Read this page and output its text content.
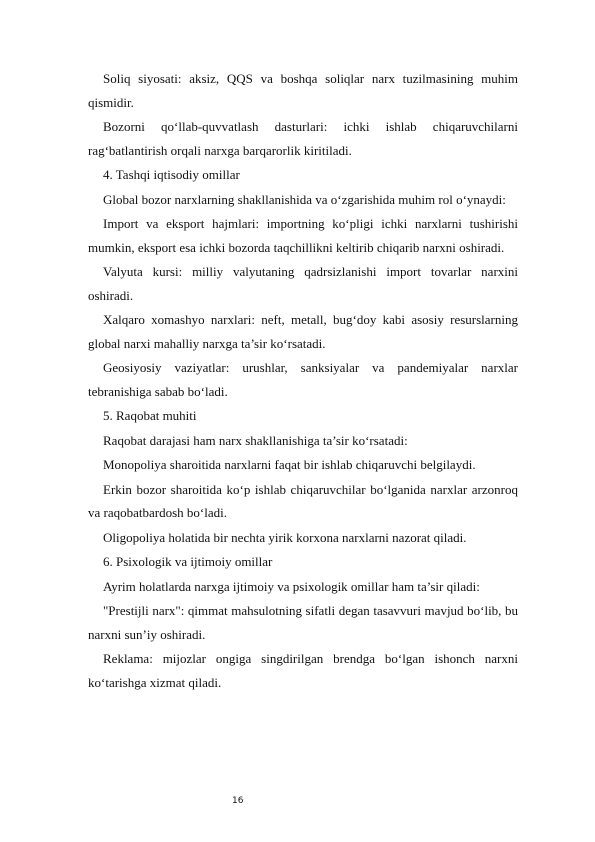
Soliq siyosati: aksiz, QQS va boshqa soliqlar narx tuzilmasining muhim qismidir.

Bozorni qo‘llab-quvvatlash dasturlari: ichki ishlab chiqaruvchilarni rag‘batlantirish orqali narxga barqarorlik kiritiladi.

4. Tashqi iqtisodiy omillar

Global bozor narxlarning shakllanishida va o‘zgarishida muhim rol o‘ynaydi:

Import va eksport hajmlari: importning ko‘pligi ichki narxlarni tushirishi mumkin, eksport esa ichki bozorda taqchillikni keltirib chiqarib narxni oshiradi.

Valyuta kursi: milliy valyutaning qadrsizlanishi import tovarlar narxini oshiradi.

Xalqaro xomashyo narxlari: neft, metall, bug‘doy kabi asosiy resurslarning global narxi mahalliy narxga ta’sir ko‘rsatadi.

Geosiyosiy vaziyatlar: urushlar, sanksiyalar va pandemiyalar narxlar tebranishiga sabab bo‘ladi.

5. Raqobat muhiti

Raqobat darajasi ham narx shakllanishiga ta’sir ko‘rsatadi:

Monopoliya sharoitida narxlarni faqat bir ishlab chiqaruvchi belgilaydi.

Erkin bozor sharoitida ko‘p ishlab chiqaruvchilar bo‘lganida narxlar arzonroq va raqobatbardosh bo‘ladi.

Oligopoliya holatida bir nechta yirik korxona narxlarni nazorat qiladi.

6. Psixologik va ijtimoiy omillar

Ayrim holatlarda narxga ijtimoiy va psixologik omillar ham ta’sir qiladi:

"Prestijli narx": qimmat mahsulotning sifatli degan tasavvuri mavjud bo‘lib, bu narxni sun’iy oshiradi.

Reklama: mijozlar ongiga singdirilgan brendga bo‘lgan ishonch narxni ko‘tarishga xizmat qiladi.

16
